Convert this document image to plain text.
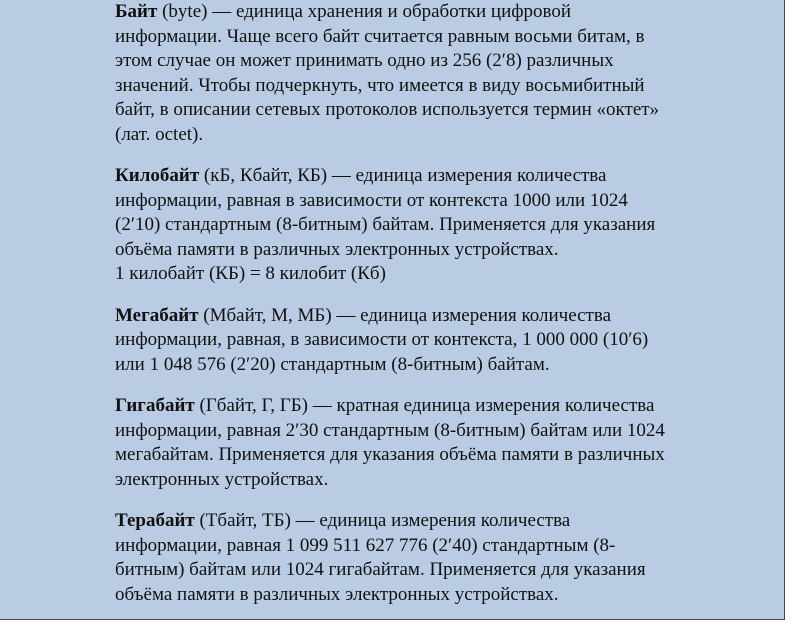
Байт (byte) — единица хранения и обработки цифровой
информации. Чаще всего байт считается равным восьми битам, в
этом случае он может принимать одно из 256 (2′8) различных
значений. Чтобы подчеркнуть, что имеется в виду восьмибитный
байт, в описании сетевых протоколов используется термин «октет»
(лат. octet).

Килобайт (кБ, Кбайт, КБ) — единица измерения количества
информации, равная в зависимости от контекста 1000 или 1024
(2′10) стандартным (8-битным) байтам. Применяется для указания
объёма памяти в различных электронных устройствах.
1 килобайт (КБ) = 8 килобит (Кб)

Мегабайт (Мбайт, М, МБ) — единица измерения количества
информации, равная, в зависимости от контекста, 1 000 000 (10′6)
или 1 048 576 (2′20) стандартным (8-битным) байтам.

Гигабайт (Гбайт, Г, ГБ) — кратная единица измерения количества
информации, равная 2′30 стандартным (8-битным) байтам или 1024
мегабайтам. Применяется для указания объёма памяти в различных
электронных устройствах.

Терабайт (Тбайт, ТБ) — единица измерения количества
информации, равная 1 099 511 627 776 (2′40) стандартным (8-
битным) байтам или 1024 гигабайтам. Применяется для указания
объёма памяти в различных электронных устройствах.
